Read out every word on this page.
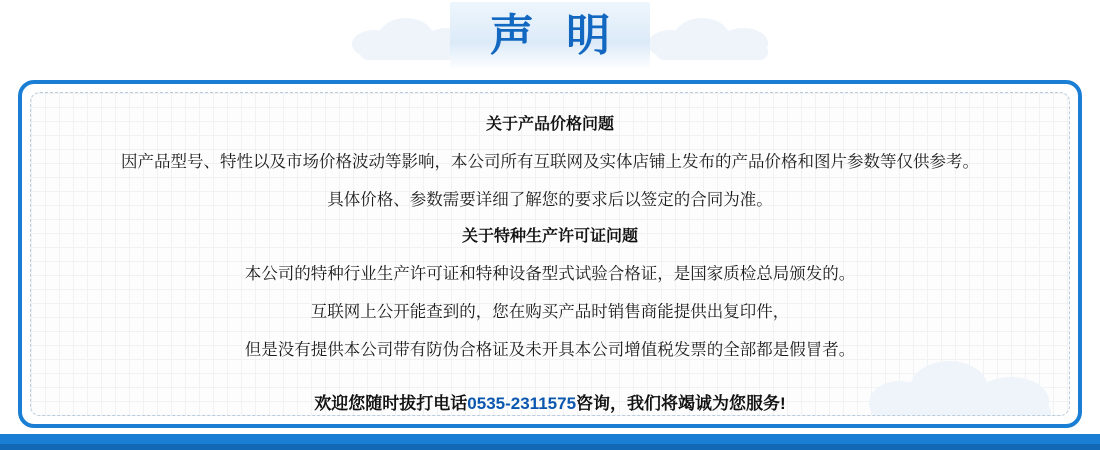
声 明
关于产品价格问题
因产品型号、特性以及市场价格波动等影响，本公司所有互联网及实体店铺上发布的产品价格和图片参数等仅供参考。
具体价格、参数需要详细了解您的要求后以签定的合同为准。
关于特种生产许可证问题
本公司的特种行业生产许可证和特种设备型式试验合格证，是国家质检总局颁发的。
互联网上公开能查到的，您在购买产品时销售商能提供出复印件，
但是没有提供本公司带有防伪合格证及未开具本公司增值税发票的全部都是假冒者。
欢迎您随时拔打电话0535-2311575咨询，我们将竭诚为您服务!
